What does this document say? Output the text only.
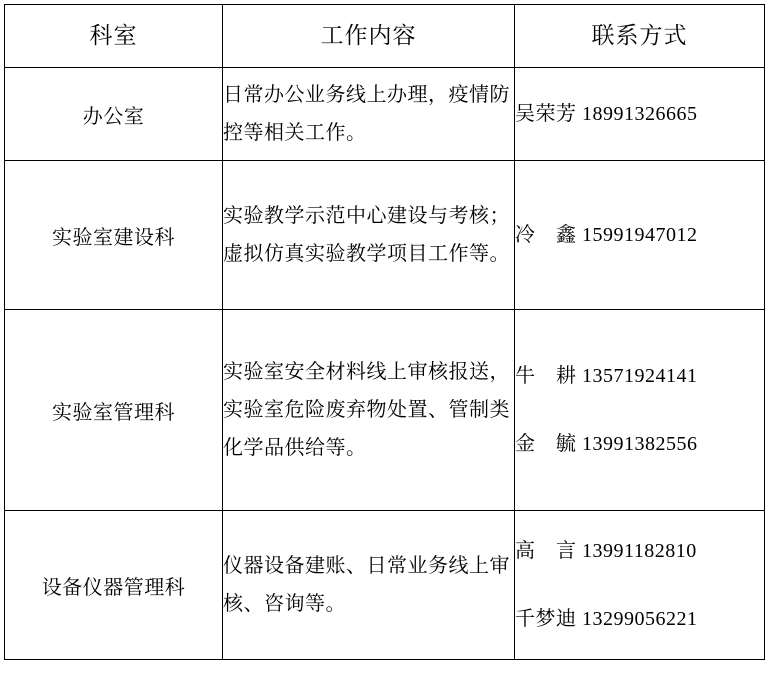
科室	工作内容	联系方式
办公室	日常办公业务线上办理，疫情防控等相关工作。	吴荣芳 18991326665

实验室建设科	实验教学示范中心建设与考核；虚拟仿真实验教学项目工作等。	冷　鑫 15991947012

实验室管理科	实验室安全材料线上审核报送，实验室危险废弃物处置、管制类化学品供给等。	牛　耕 13571924141
金　毓 13991382556

设备仪器管理科	仪器设备建账、日常业务线上审核、咨询等。	高　言 13991182810
千梦迪 13299056221
